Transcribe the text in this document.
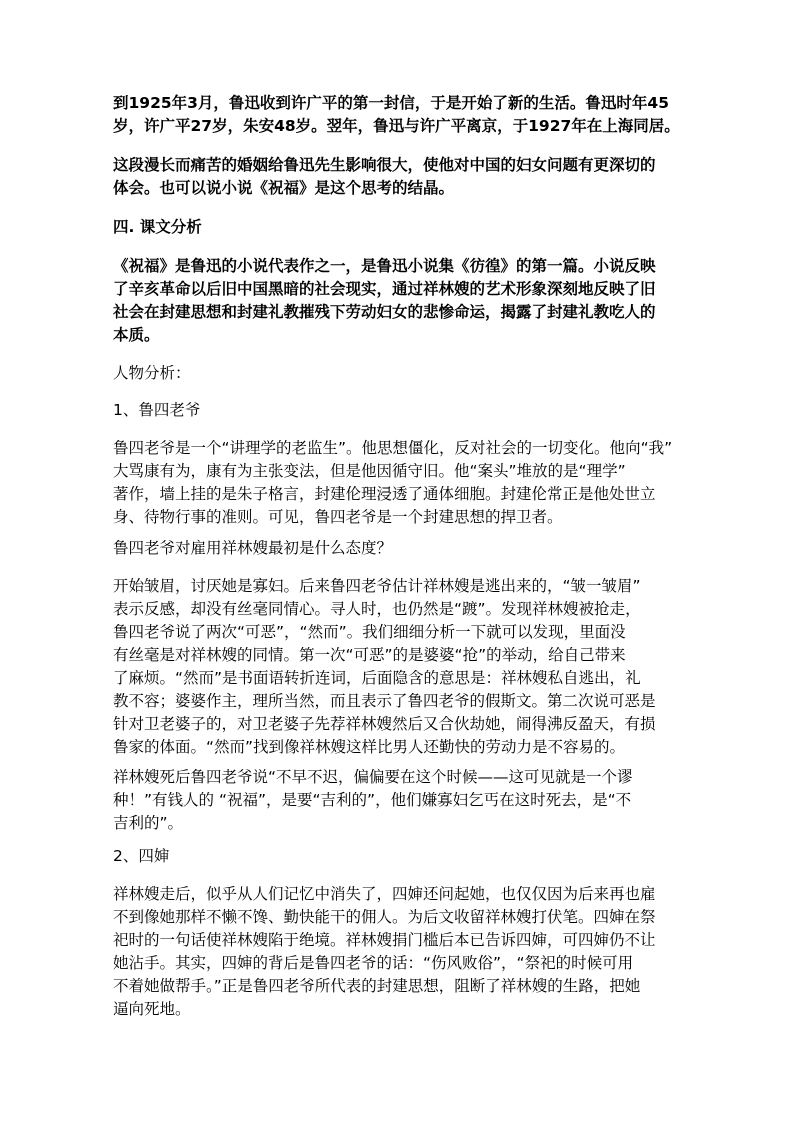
到1925年3月，鲁迅收到许广平的第一封信，于是开始了新的生活。鲁迅时年45
岁，许广平27岁，朱安48岁。翌年，鲁迅与许广平离京，于1927年在上海同居。
这段漫长而痛苦的婚姻给鲁迅先生影响很大，使他对中国的妇女问题有更深切的
体会。也可以说小说《祝福》是这个思考的结晶。
四. 课文分析
《祝福》是鲁迅的小说代表作之一，是鲁迅小说集《彷徨》的第一篇。小说反映
了辛亥革命以后旧中国黑暗的社会现实，通过祥林嫂的艺术形象深刻地反映了旧
社会在封建思想和封建礼教摧残下劳动妇女的悲惨命运，揭露了封建礼教吃人的
本质。
人物分析：
1、鲁四老爷
鲁四老爷是一个“讲理学的老监生”。他思想僵化，反对社会的一切变化。他向“我”
大骂康有为，康有为主张变法，但是他因循守旧。他“案头”堆放的是“理学”
著作，墙上挂的是朱子格言，封建伦理浸透了通体细胞。封建伦常正是他处世立
身、待物行事的准则。可见，鲁四老爷是一个封建思想的捍卫者。
鲁四老爷对雇用祥林嫂最初是什么态度？
开始皱眉，讨厌她是寡妇。后来鲁四老爷估计祥林嫂是逃出来的，“皱一皱眉”
表示反感，却没有丝毫同情心。寻人时，也仍然是“踱”。发现祥林嫂被抢走，
鲁四老爷说了两次“可恶”，“然而”。我们细细分析一下就可以发现，里面没
有丝毫是对祥林嫂的同情。第一次“可恶”的是婆婆“抢”的举动，给自己带来
了麻烦。“然而”是书面语转折连词，后面隐含的意思是：祥林嫂私自逃出，礼
教不容；婆婆作主，理所当然，而且表示了鲁四老爷的假斯文。第二次说可恶是
针对卫老婆子的，对卫老婆子先荐祥林嫂然后又合伙劫她，闹得沸反盈天，有损
鲁家的体面。“然而”找到像祥林嫂这样比男人还勤快的劳动力是不容易的。
祥林嫂死后鲁四老爷说“不早不迟，偏偏要在这个时候——这可见就是一个谬
种！”有钱人的 “祝福”，是要“吉利的”，他们嫌寡妇乞丐在这时死去，是“不
吉利的”。
2、四婶
祥林嫂走后，似乎从人们记忆中消失了，四婶还问起她，也仅仅因为后来再也雇
不到像她那样不懒不馋、勤快能干的佣人。为后文收留祥林嫂打伏笔。四婶在祭
祀时的一句话使祥林嫂陷于绝境。祥林嫂捐门槛后本已告诉四婶，可四婶仍不让
她沾手。其实，四婶的背后是鲁四老爷的话：“伤风败俗”，“祭祀的时候可用
不着她做帮手。”正是鲁四老爷所代表的封建思想，阻断了祥林嫂的生路，把她
逼向死地。
